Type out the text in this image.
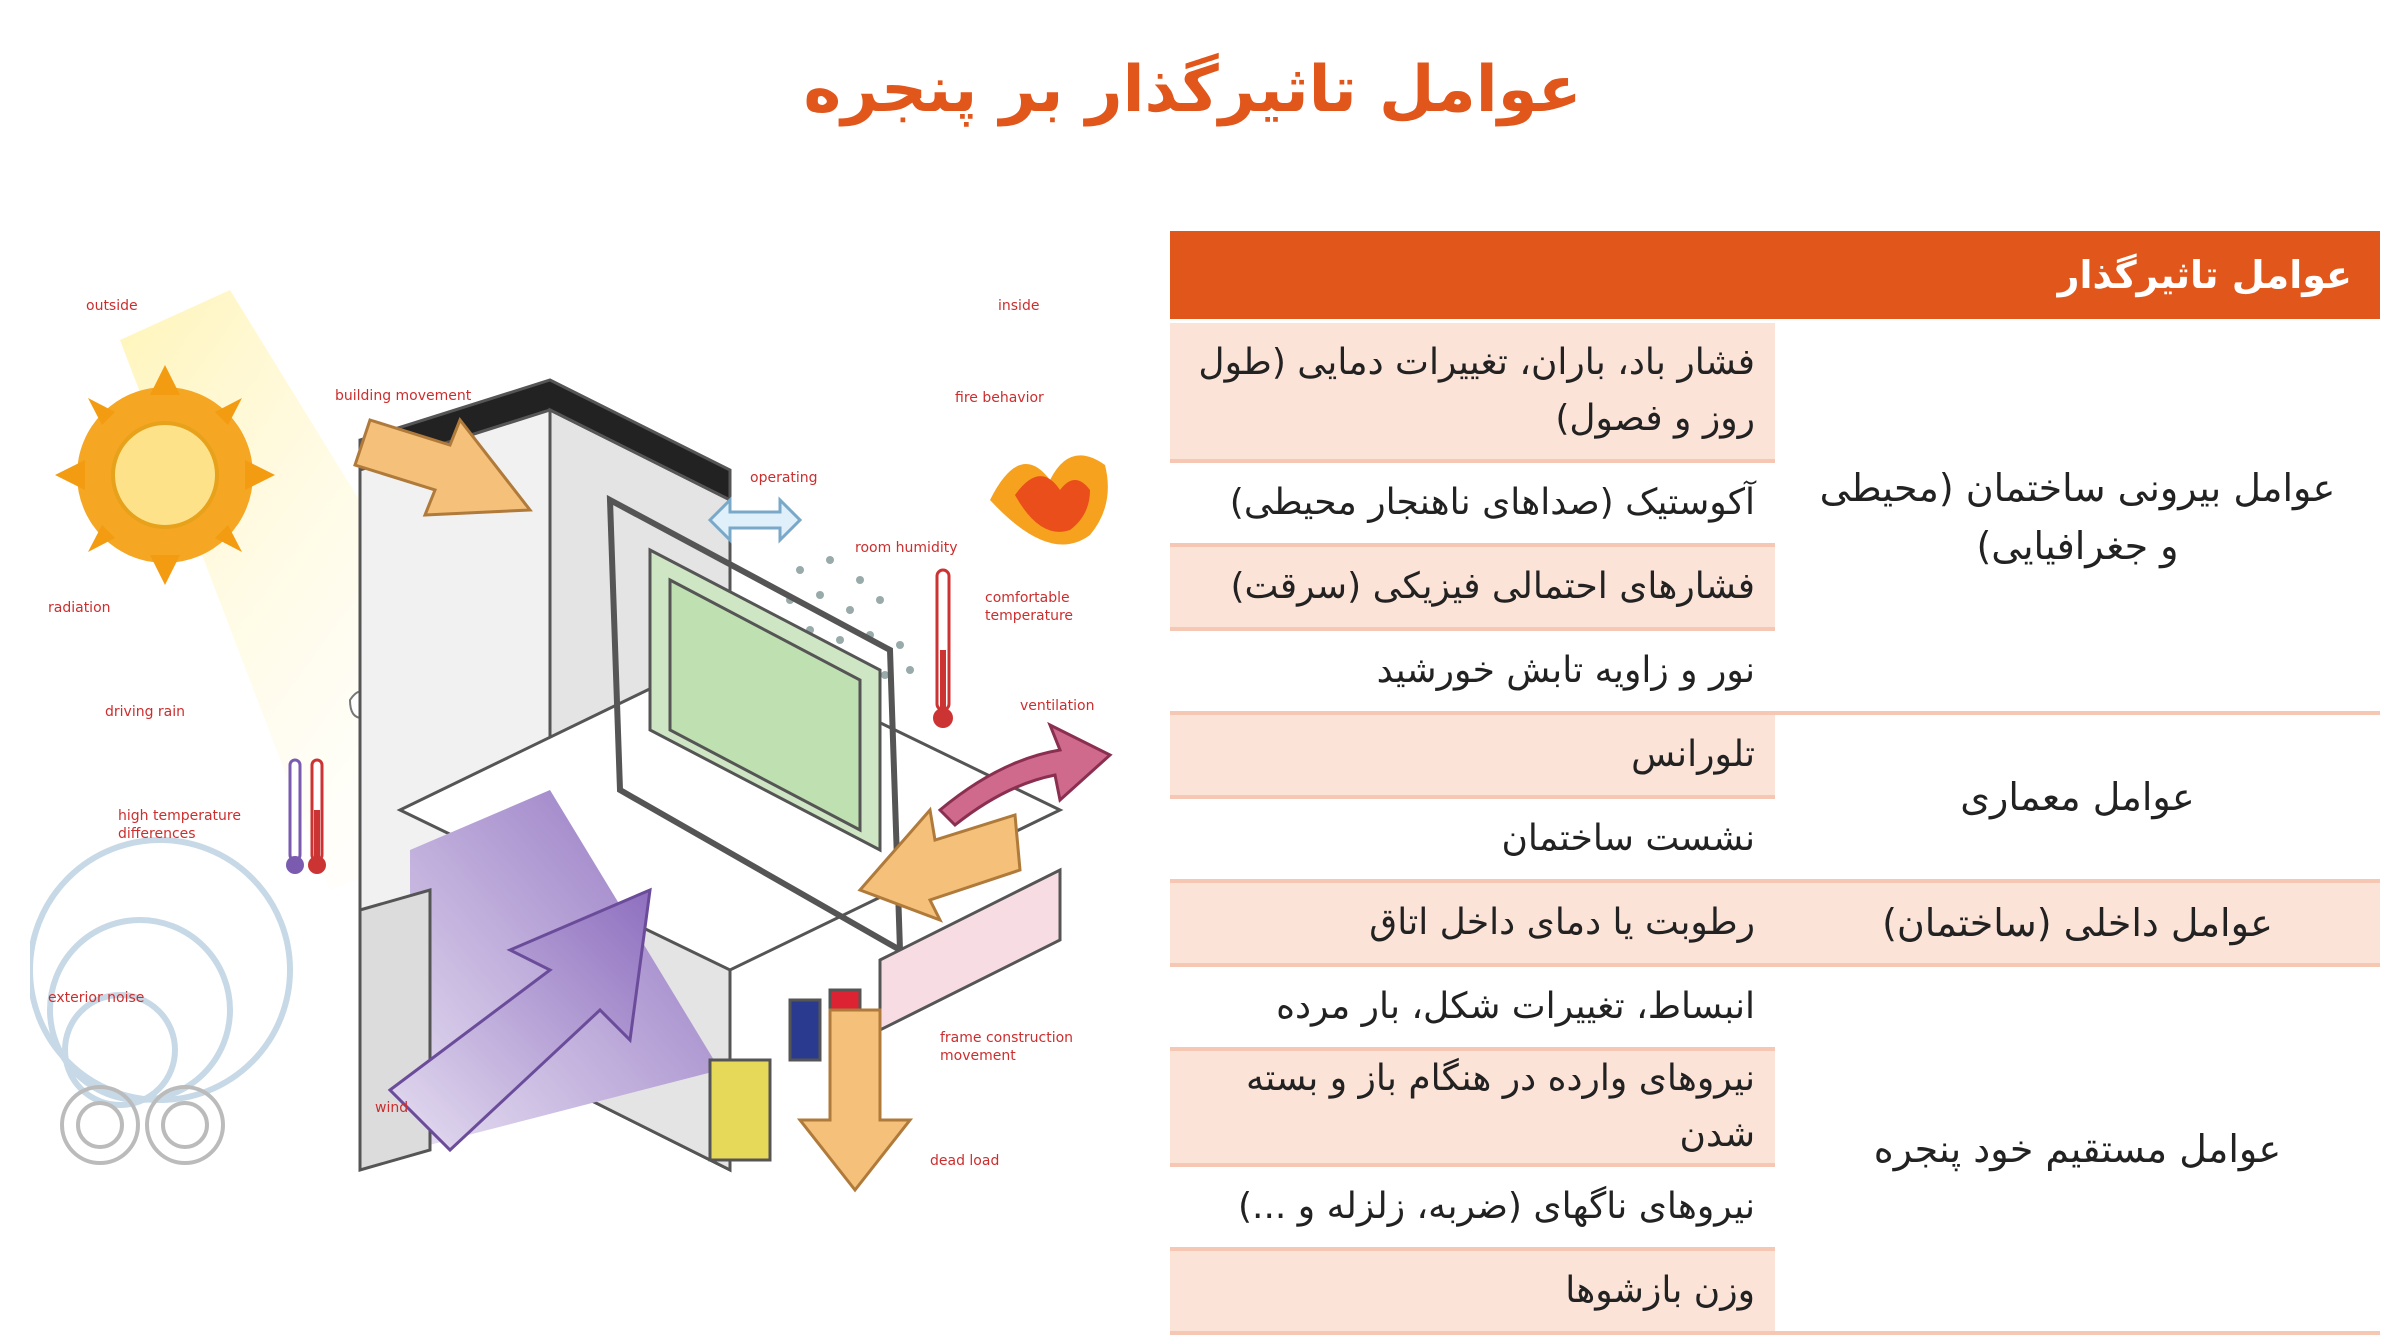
عوامل تاثیرگذار بر پنجره
outside	inside
building movement	fire behavior
operating
room humidity
comfortable
temperature
radiation
driving rain	ventilation
high temperature
differences
exterior noise
frame construction
movement
wind
dead load
عوامل تاثیرگذار	
عوامل بیرونی ساختمان (محیطی و جغرافیایی)	فشار باد، باران، تغییرات دمایی (طول روز و فصول)
	آکوستیک (صداهای ناهنجار محیطی)
	فشارهای احتمالی فیزیکی (سرقت)
	نور و زاویه تابش خورشید
عوامل معماری	تلورانس
	نشست ساختمان
عوامل داخلی (ساختمان)	رطوبت یا دمای داخل اتاق
عوامل مستقیم خود پنجره	انبساط، تغییرات شکل، بار مرده
	نیروهای وارده در هنگام باز و بسته شدن
	نیروهای ناگهای (ضربه، زلزله و ...)
	وزن بازشوها
